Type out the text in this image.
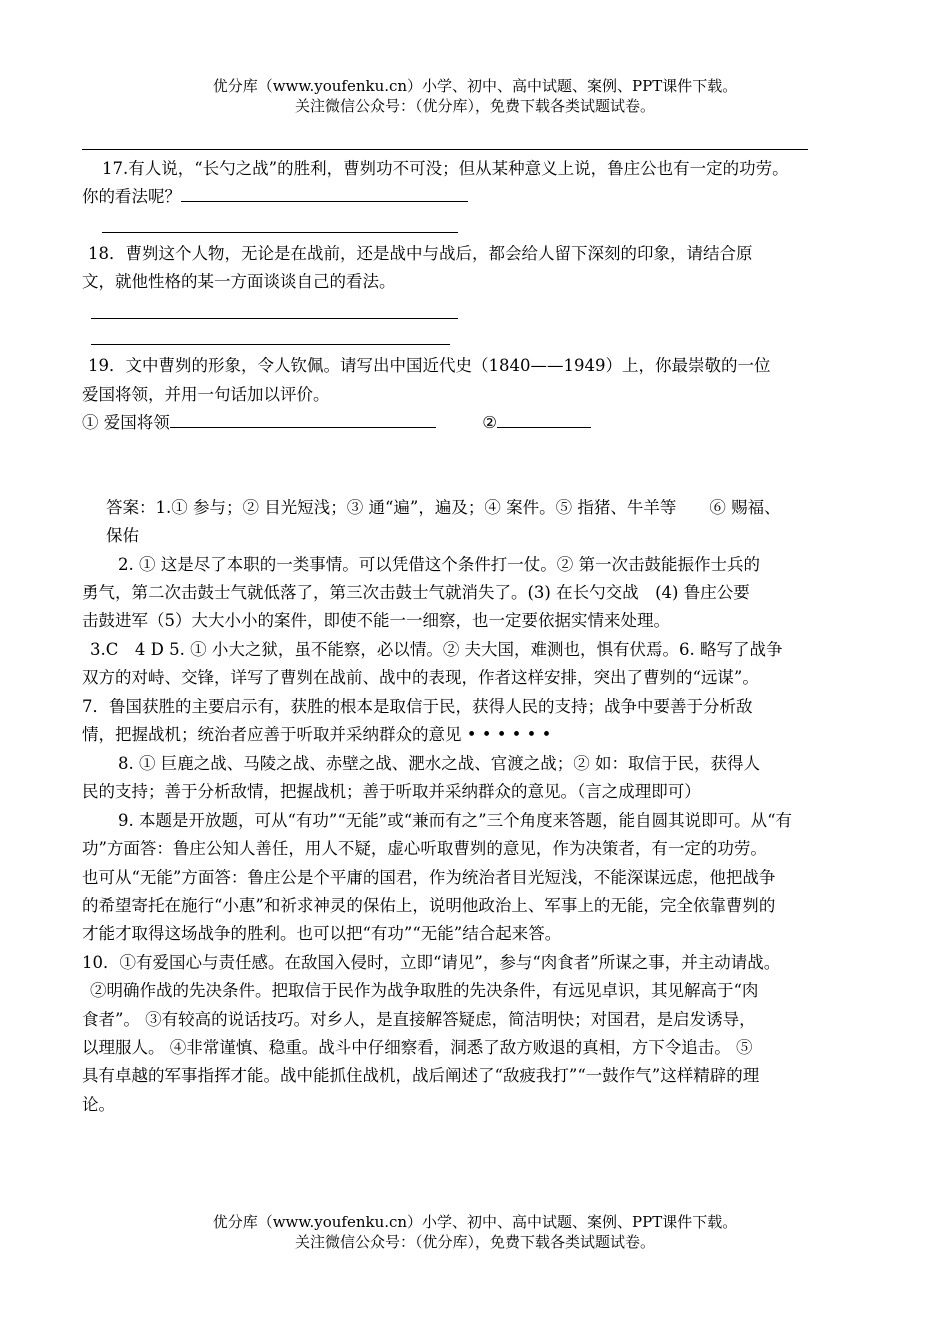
优分库（www.youfenku.cn）小学、初中、高中试题、案例、PPT课件下载。
关注微信公众号：（优分库），免费下载各类试题试卷。
17.有人说，“长勺之战”的胜利，曹刿功不可没；但从某种意义上说，鲁庄公也有一定的功劳。
你的看法呢？
18．曹刿这个人物，无论是在战前，还是战中与战后，都会给人留下深刻的印象，请结合原
文，就他性格的某一方面谈谈自己的看法。
19．文中曹刿的形象，令人钦佩。请写出中国近代史（1840——1949）上，你最崇敬的一位
爱国将领，并用一句话加以评价。
① 爱国将领	②
答案：1.① 参与；② 目光短浅；③ 通“遍”，遍及；④ 案件。⑤ 指猪、牛羊等　　⑥ 赐福、
保佑
2. ① 这是尽了本职的一类事情。可以凭借这个条件打一仗。② 第一次击鼓能振作士兵的
勇气，第二次击鼓士气就低落了，第三次击鼓士气就消失了。(3) 在长勺交战　(4) 鲁庄公要
击鼓进军（5）大大小小的案件，即使不能一一细察，也一定要依据实情来处理。
3.C　4 D 5. ① 小大之狱，虽不能察，必以情。② 夫大国，难测也，惧有伏焉。6. 略写了战争
双方的对峙、交锋，详写了曹刿在战前、战中的表现，作者这样安排，突出了曹刿的“远谋”。
7．鲁国获胜的主要启示有，获胜的根本是取信于民，获得人民的支持；战争中要善于分析敌
情，把握战机；统治者应善于听取并采纳群众的意见 • • • • • •
8. ① 巨鹿之战、马陵之战、赤壁之战、淝水之战、官渡之战；② 如：取信于民，获得人
民的支持；善于分析敌情，把握战机；善于听取并采纳群众的意见。（言之成理即可）
9. 本题是开放题，可从“有功”“无能”或“兼而有之”三个角度来答题，能自圆其说即可。从“有
功”方面答：鲁庄公知人善任，用人不疑，虚心听取曹刿的意见，作为决策者，有一定的功劳。
也可从“无能”方面答：鲁庄公是个平庸的国君，作为统治者目光短浅，不能深谋远虑，他把战争
的希望寄托在施行“小惠”和祈求神灵的保佑上，说明他政治上、军事上的无能，完全依靠曹刿的
才能才取得这场战争的胜利。也可以把“有功”“无能”结合起来答。
10．①有爱国心与责任感。在敌国入侵时，立即“请见”，参与“肉食者”所谋之事，并主动请战。
②明确作战的先决条件。把取信于民作为战争取胜的先决条件，有远见卓识，其见解高于“肉
食者”。 ③有较高的说话技巧。对乡人，是直接解答疑虑，简洁明快；对国君，是启发诱导，
以理服人。 ④非常谨慎、稳重。战斗中仔细察看，洞悉了敌方败退的真相，方下令追击。 ⑤
具有卓越的军事指挥才能。战中能抓住战机，战后阐述了“敌疲我打”“一鼓作气”这样精辟的理
论。
优分库（www.youfenku.cn）小学、初中、高中试题、案例、PPT课件下载。
关注微信公众号：（优分库），免费下载各类试题试卷。
